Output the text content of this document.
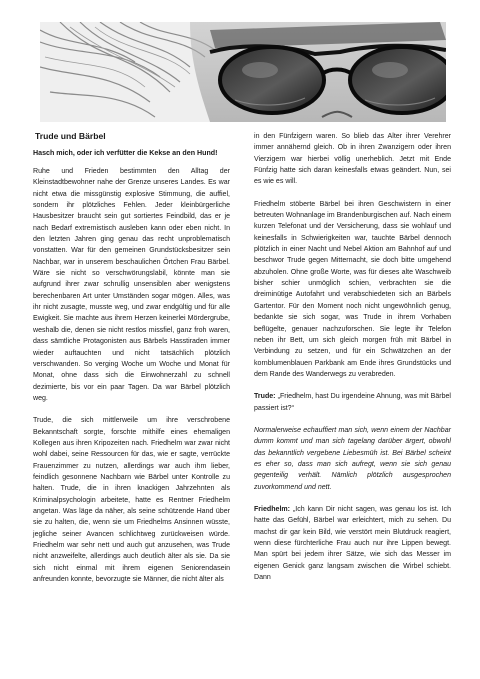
Trude und Bärbel
Hasch mich, oder ich verfütter die Kekse an den Hund!

Ruhe und Frieden bestimmten den Alltag der Kleinstadtbewohner nahe der Grenze unseres Landes. Es war nicht etwa die missgünstig explosive Stimmung, die auffiel, sondern ihr plötzliches Fehlen. Jeder kleinbürgerliche Hausbesitzer braucht sein gut sortiertes Feindbild, das er je nach Bedarf extremistisch ausleben kann oder eben nicht. In den letzten Jahren ging genau das recht unproblematisch vonstatten. War für den gemeinen Grundstücksbesitzer sein Nachbar, war in unserem beschaulichen Örtchen Frau Bärbel. Wäre sie nicht so verschwörungslabil, könnte man sie aufgrund ihrer zwar schrullig unsensiblen aber wenigstens berechenbaren Art unter Umständen sogar mögen. Alles, was ihr nicht zusagte, musste weg, und zwar endgültig und für alle Ewigkeit. Sie machte aus ihrem Herzen keinerlei Mördergrube, weshalb die, denen sie nicht restlos missfiel, ganz froh waren, dass sämtliche Protagonisten aus Bärbels Hasstiraden immer wieder auftauchten und nicht tatsächlich plötzlich verschwanden. So verging Woche um Woche und Monat für Monat, ohne dass sich die Einwohnerzahl zu schnell dezimierte, bis vor ein paar Tagen. Da war Bärbel plötzlich weg.

Trude, die sich mittlerweile um ihre verschrobene Bekanntschaft sorgte, forschte mithilfe eines ehemaligen Kollegen aus ihren Kripozeiten nach. Friedhelm war zwar nicht wohl dabei, seine Ressourcen für das, wie er sagte, verrückte Frauenzimmer zu nutzen, allerdings war auch ihm lieber, feindlich gesonnene Nachbarn wie Bärbel unter Kontrolle zu halten. Trude, die in ihren knackigen Jahrzehnten als Kriminalpsychologin arbeitete, hatte es Rentner Friedhelm angetan. Was läge da näher, als seine schützende Hand über sie zu halten, die, wenn sie um Friedhelms Ansinnen wüsste, jegliche seiner Avancen schlichtweg zurückweisen würde. Friedhelm war sehr nett und auch gut anzusehen, was Trude nicht anzweifelte, allerdings auch deutlich älter als sie. Da sie sich nicht einmal mit ihrem eigenen Seniorendasein anfreunden konnte, bevorzugte sie Männer, die nicht älter als

in den Fünfzigern waren. So blieb das Alter ihrer Verehrer immer annähernd gleich. Ob in ihren Zwanzigern oder ihren Vierzigern war hierbei völlig unerheblich. Jetzt mit Ende Fünfzig hatte sich daran keinesfalls etwas geändert. Nun, sei es wie es will.

Friedhelm stöberte Bärbel bei ihren Geschwistern in einer betreuten Wohnanlage im Brandenburgischen auf. Nach einem kurzen Telefonat und der Versicherung, dass sie wohlauf und keinesfalls in Schwierigkeiten war, tauchte Bärbel dennoch plötzlich in einer Nacht und Nebel Aktion am Bahnhof auf und beschwor Trude gegen Mitternacht, sie doch bitte umgehend abzuholen. Ohne große Worte, was für dieses alte Waschweib bisher schier unmöglich schien, verbrachten sie die dreiminütige Autofahrt und verabschiedeten sich an Bärbels Gartentor. Für den Moment noch nicht ungewöhnlich genug, bedankte sie sich sogar, was Trude in ihrem Vorhaben beflügelte, genauer nachzuforschen. Sie legte ihr Telefon neben ihr Bett, um sich gleich morgen früh mit Bärbel in Verbindung zu setzen, und für ein Schwätzchen an der kornblumenblauen Parkbank am Ende ihres Grundstücks und dem Rande des Wanderwegs zu verabreden.

Trude: „Friedhelm, hast Du irgendeine Ahnung, was mit Bärbel passiert ist?“

Normalerweise echauffiert man sich, wenn einem der Nachbar dumm kommt und man sich tagelang darüber ärgert, obwohl das bekanntlich vergebene Liebesmüh ist. Bei Bärbel scheint es eher so, dass man sich aufregt, wenn sie sich genau gegenteilig verhält. Nämlich plötzlich ausgesprochen zuvorkommend und nett.

Friedhelm: „Ich kann Dir nicht sagen, was genau los ist. Ich hatte das Gefühl, Bärbel war erleichtert, mich zu sehen. Du machst dir gar kein Bild, wie verstört mein Blutdruck reagiert, wenn diese fürchterliche Frau auch nur ihre Lippen bewegt. Man spürt bei jedem ihrer Sätze, wie sich das Messer im eigenen Genick ganz langsam zwischen die Wirbel schiebt. Dann
